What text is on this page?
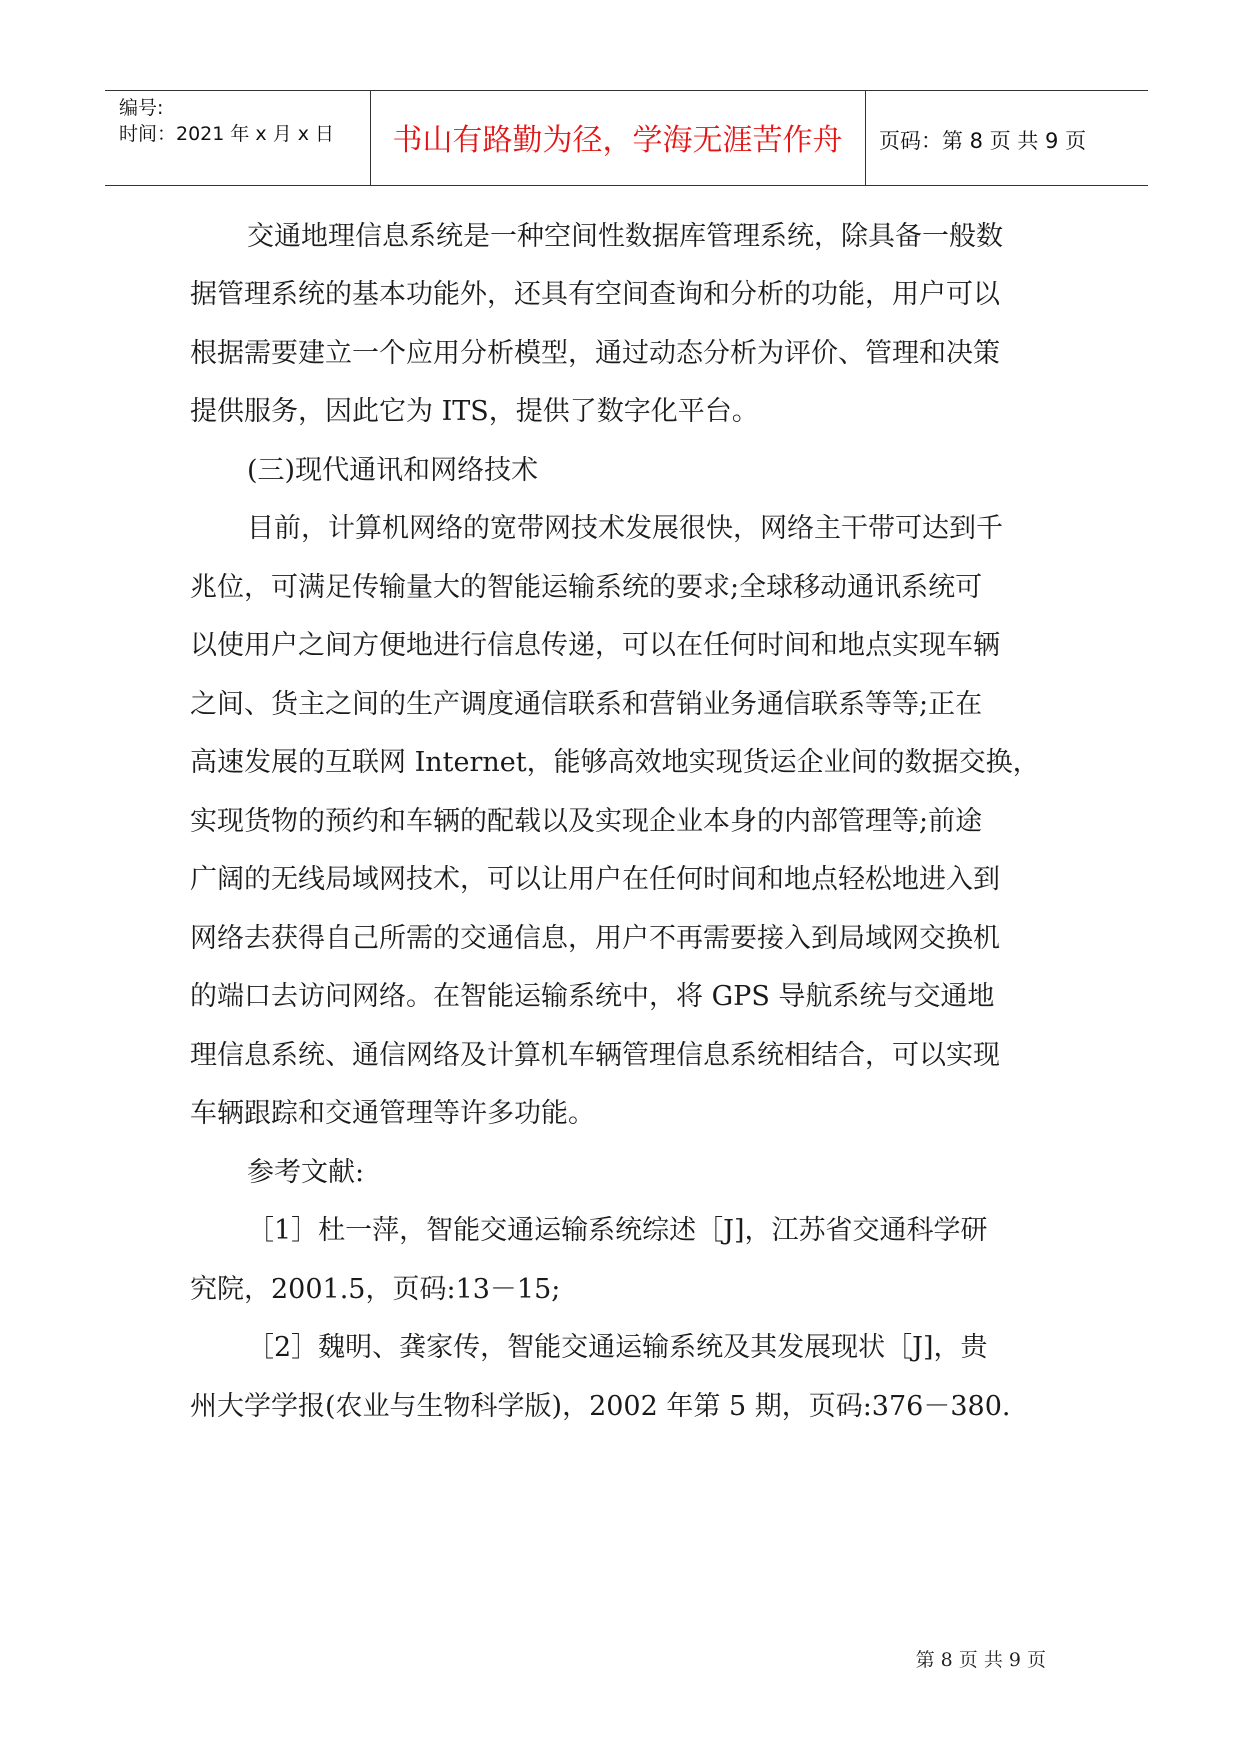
编号:
时间：2021 年 x 月 x 日	书山有路勤为径，学海无涯苦作舟	页码：第 8 页 共 9 页
交通地理信息系统是一种空间性数据库管理系统，除具备一般数
据管理系统的基本功能外，还具有空间查询和分析的功能，用户可以
根据需要建立一个应用分析模型，通过动态分析为评价、管理和决策
提供服务，因此它为 ITS，提供了数字化平台。
(三)现代通讯和网络技术
目前，计算机网络的宽带网技术发展很快，网络主干带可达到千
兆位，可满足传输量大的智能运输系统的要求;全球移动通讯系统可
以使用户之间方便地进行信息传递，可以在任何时间和地点实现车辆
之间、货主之间的生产调度通信联系和营销业务通信联系等等;正在
高速发展的互联网 Internet，能够高效地实现货运企业间的数据交换，
实现货物的预约和车辆的配载以及实现企业本身的内部管理等;前途
广阔的无线局域网技术，可以让用户在任何时间和地点轻松地进入到
网络去获得自己所需的交通信息，用户不再需要接入到局域网交换机
的端口去访问网络。在智能运输系统中，将 GPS 导航系统与交通地
理信息系统、通信网络及计算机车辆管理信息系统相结合，可以实现
车辆跟踪和交通管理等许多功能。
参考文献:
［1］杜一萍，智能交通运输系统综述［J]，江苏省交通科学研
究院，2001.5，页码:13－15;
［2］魏明、龚家传，智能交通运输系统及其发展现状［J]，贵
州大学学报(农业与生物科学版)，2002 年第 5 期，页码:376－380.
第 8 页 共 9 页
